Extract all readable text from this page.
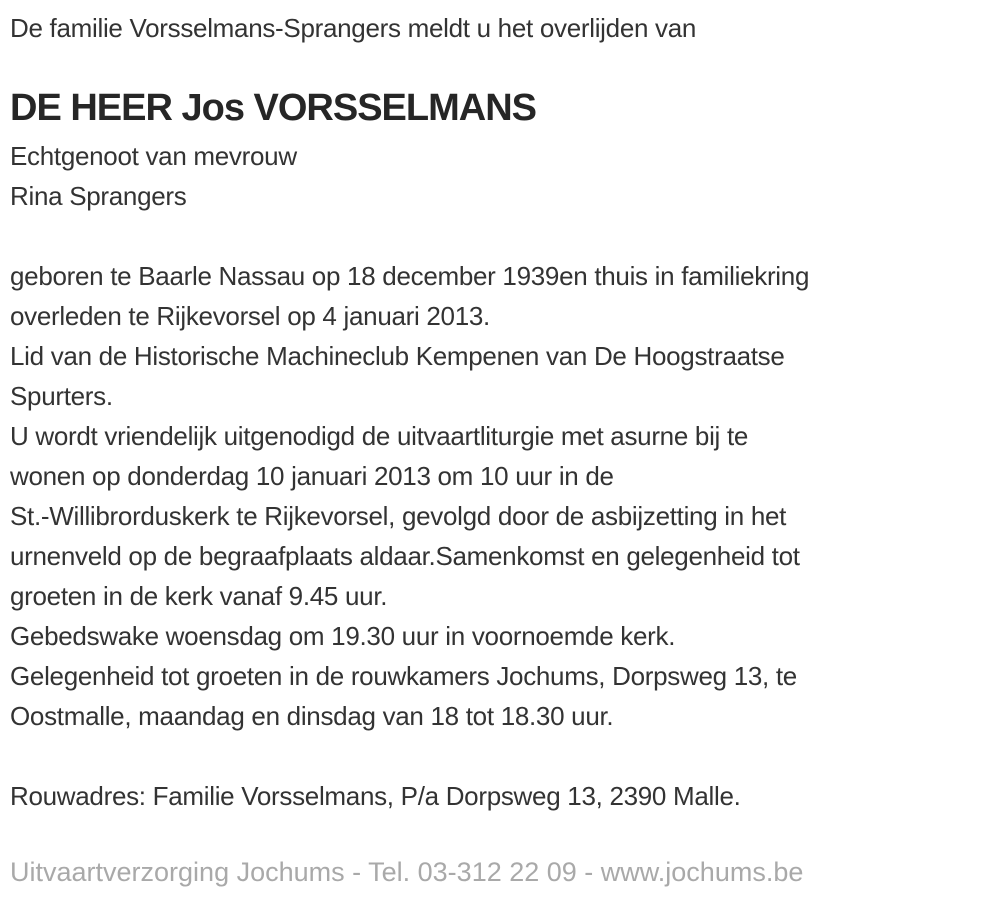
De familie Vorsselmans-Sprangers meldt u het overlijden van
DE HEER Jos VORSSELMANS
Echtgenoot van mevrouw
Rina Sprangers
geboren te Baarle Nassau op 18 december 1939en thuis in familiekring
overleden te Rijkevorsel op 4 januari 2013.
Lid van de Historische Machineclub Kempenen van De Hoogstraatse
Spurters.
U wordt vriendelijk uitgenodigd de uitvaartliturgie met asurne bij te
wonen op donderdag 10 januari 2013 om 10 uur in de
St.-Willibrorduskerk te Rijkevorsel, gevolgd door de asbijzetting in het
urnenveld op de begraafplaats aldaar.Samenkomst en gelegenheid tot
groeten in de kerk vanaf 9.45 uur.
Gebedswake woensdag om 19.30 uur in voornoemde kerk.
Gelegenheid tot groeten in de rouwkamers Jochums, Dorpsweg 13, te
Oostmalle, maandag en dinsdag van 18 tot 18.30 uur.
Rouwadres: Familie Vorsselmans, P/a Dorpsweg 13, 2390 Malle.
Uitvaartverzorging Jochums - Tel. 03-312 22 09 - www.jochums.be
